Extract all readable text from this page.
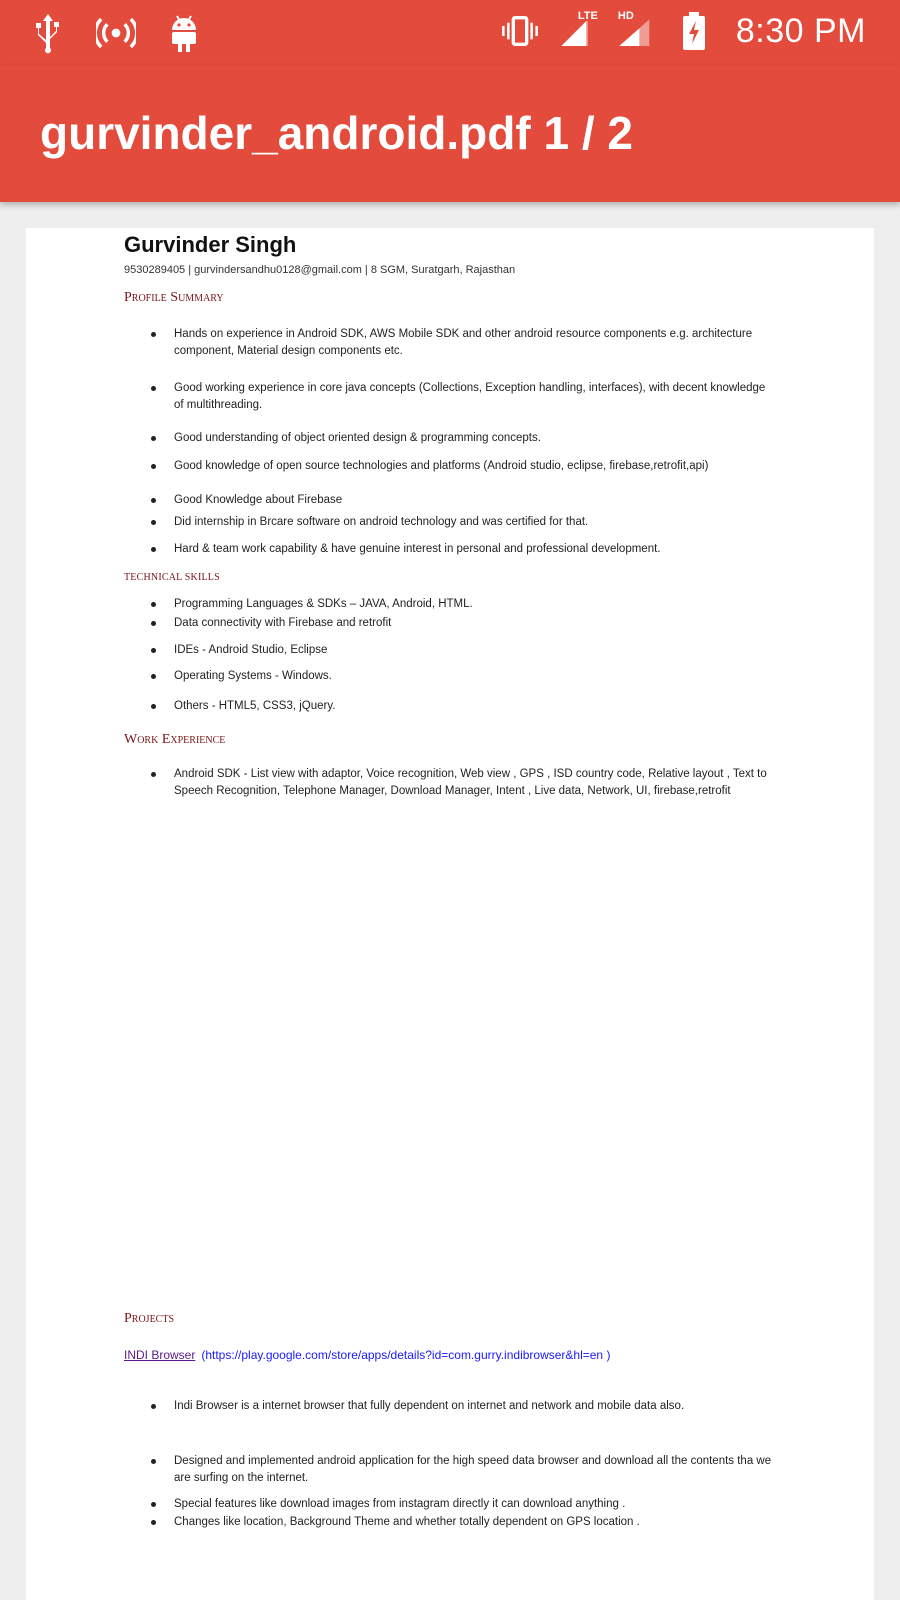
LTE HD	8:30 PM
gurvinder_android.pdf 1 / 2
Gurvinder Singh
9530289405 | gurvindersandhu0128@gmail.com | 8 SGM, Suratgarh, Rajasthan
Profile Summary
Hands on experience in Android SDK, AWS Mobile SDK and other android resource components e.g. architecture component, Material design components etc.
Good working experience in core java concepts (Collections, Exception handling, interfaces), with decent knowledge of multithreading.
Good understanding of object oriented design & programming concepts.
Good knowledge of open source technologies and platforms (Android studio, eclipse, firebase,retrofit,api)
Good Knowledge about Firebase
Did internship in Brcare software on android technology and was certified for that.
Hard & team work capability & have genuine interest in personal and professional development.
TECHNICAL SKILLS
Programming Languages & SDKs – JAVA, Android, HTML.
Data connectivity with Firebase and retrofit
IDEs - Android Studio, Eclipse
Operating Systems - Windows.
Others - HTML5, CSS3, jQuery.
Work Experience
Android SDK - List view with adaptor, Voice recognition, Web view , GPS , ISD country code, Relative layout , Text to Speech Recognition, Telephone Manager, Download Manager, Intent , Live data, Network, UI, firebase,retrofit
Projects
INDI Browser (https://play.google.com/store/apps/details?id=com.gurry.indibrowser&hl=en )
Indi Browser is a internet browser that fully dependent on internet and network and mobile data also.
Designed and implemented android application for the high speed data browser and download all the contents tha we are surfing on the internet.
Special features like download images from instagram directly it can download anything .
Changes like location, Background Theme and whether totally dependent on GPS location .
